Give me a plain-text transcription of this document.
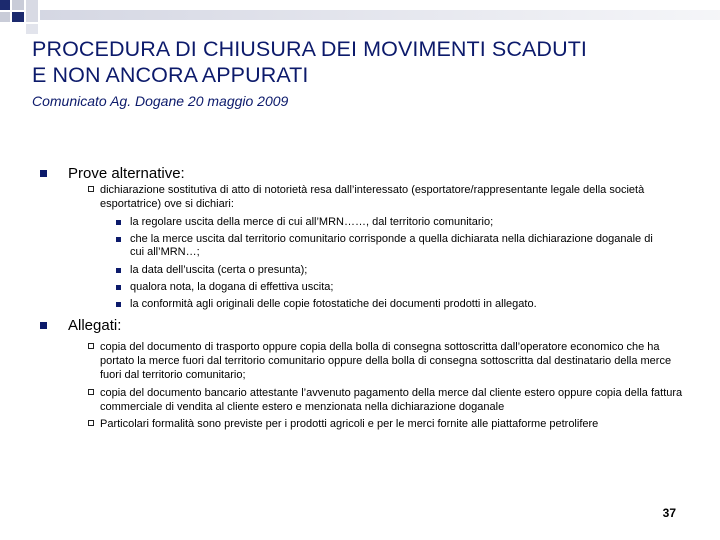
PROCEDURA DI CHIUSURA DEI MOVIMENTI SCADUTI
E NON ANCORA APPURATI

Comunicato Ag. Dogane 20 maggio 2009

Prove alternative:
dichiarazione sostitutiva di atto di notorietà resa dall’interessato (esportatore/rappresentante legale della società esportatrice) ove si dichiari:
la regolare uscita della merce di cui all’MRN……, dal territorio comunitario;
che la merce uscita dal territorio comunitario corrisponde a quella dichiarata nella dichiarazione doganale di cui all’MRN…;
la data dell’uscita (certa o presunta);
qualora nota, la dogana di effettiva uscita;
la conformità agli originali delle copie fotostatiche dei documenti prodotti in allegato.
Allegati:
copia del documento di trasporto oppure copia della bolla di consegna sottoscritta dall’operatore economico che ha portato la merce fuori dal territorio comunitario oppure della bolla di consegna sottoscritta dal destinatario della merce fuori dal territorio comunitario;
copia del documento bancario attestante l’avvenuto pagamento della merce dal cliente estero oppure copia della fattura commerciale di vendita al cliente estero e menzionata nella dichiarazione doganale
Particolari formalità sono previste per i prodotti agricoli e per le merci fornite alle piattaforme petrolifere
37
